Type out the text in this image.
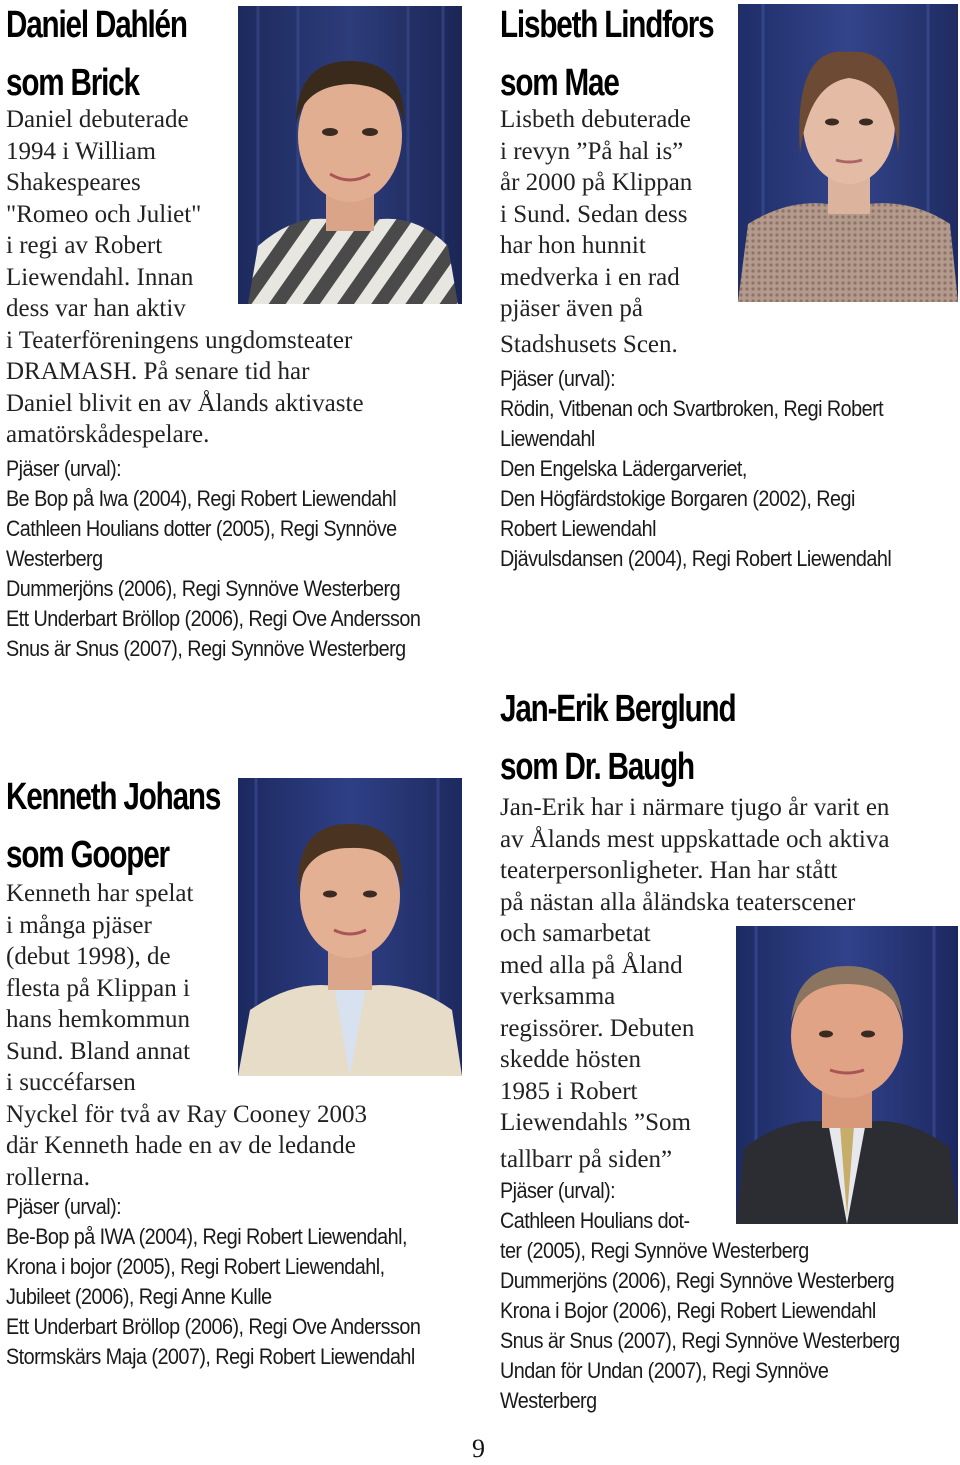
Daniel Dahlén
som Brick
Daniel debuterade
1994 i William
Shakespeares
"Romeo och Juliet"
i regi av Robert
Liewendahl. Innan
dess var han aktiv
i Teaterföreningens ungdomsteater
DRAMASH. På senare tid har
Daniel blivit en av Ålands aktivaste
amatörskådespelare.
Pjäser (urval):
Be Bop på Iwa (2004), Regi Robert Liewendahl
Cathleen Houlians dotter (2005), Regi Synnöve
Westerberg
Dummerjöns (2006), Regi Synnöve Westerberg
Ett Underbart Bröllop (2006), Regi Ove Andersson
Snus är Snus (2007), Regi Synnöve Westerberg
Lisbeth Lindfors
som Mae
Lisbeth debuterade
i revyn ”På hal is”
år 2000 på Klippan
i Sund. Sedan dess
har hon hunnit
medverka i en rad
pjäser även på
Stadshusets Scen.
Pjäser (urval):
Rödin, Vitbenan och Svartbroken, Regi Robert
Liewendahl
Den Engelska Lädergarveriet,
Den Högfärdstokige Borgaren (2002), Regi
Robert Liewendahl
Djävulsdansen (2004), Regi Robert Liewendahl
Kenneth Johans
som Gooper
Kenneth har spelat
i många pjäser
(debut 1998), de
flesta på Klippan i
hans hemkommun
Sund. Bland annat
i succéfarsen
Nyckel för två av Ray Cooney 2003
där Kenneth hade en av de ledande
rollerna.
Pjäser (urval):
Be-Bop på IWA (2004), Regi Robert Liewendahl,
Krona i bojor (2005), Regi Robert Liewendahl,
Jubileet (2006), Regi Anne Kulle
Ett Underbart Bröllop (2006), Regi Ove Andersson
Stormskärs Maja (2007), Regi Robert Liewendahl
Jan-Erik Berglund
som Dr. Baugh
Jan-Erik har i närmare tjugo år varit en
av Ålands mest uppskattade och aktiva
teaterpersonligheter. Han har stått
på nästan alla åländska teaterscener
och samarbetat
med alla på Åland
verksamma
regissörer. Debuten
skedde hösten
1985 i Robert
Liewendahls ”Som
tallbarr på siden”
Pjäser (urval):
Cathleen Houlians dot-
ter (2005), Regi Synnöve Westerberg
Dummerjöns (2006), Regi Synnöve Westerberg
Krona i Bojor (2006), Regi Robert Liewendahl
Snus är Snus (2007), Regi Synnöve Westerberg
Undan för Undan (2007), Regi Synnöve
Westerberg
9
